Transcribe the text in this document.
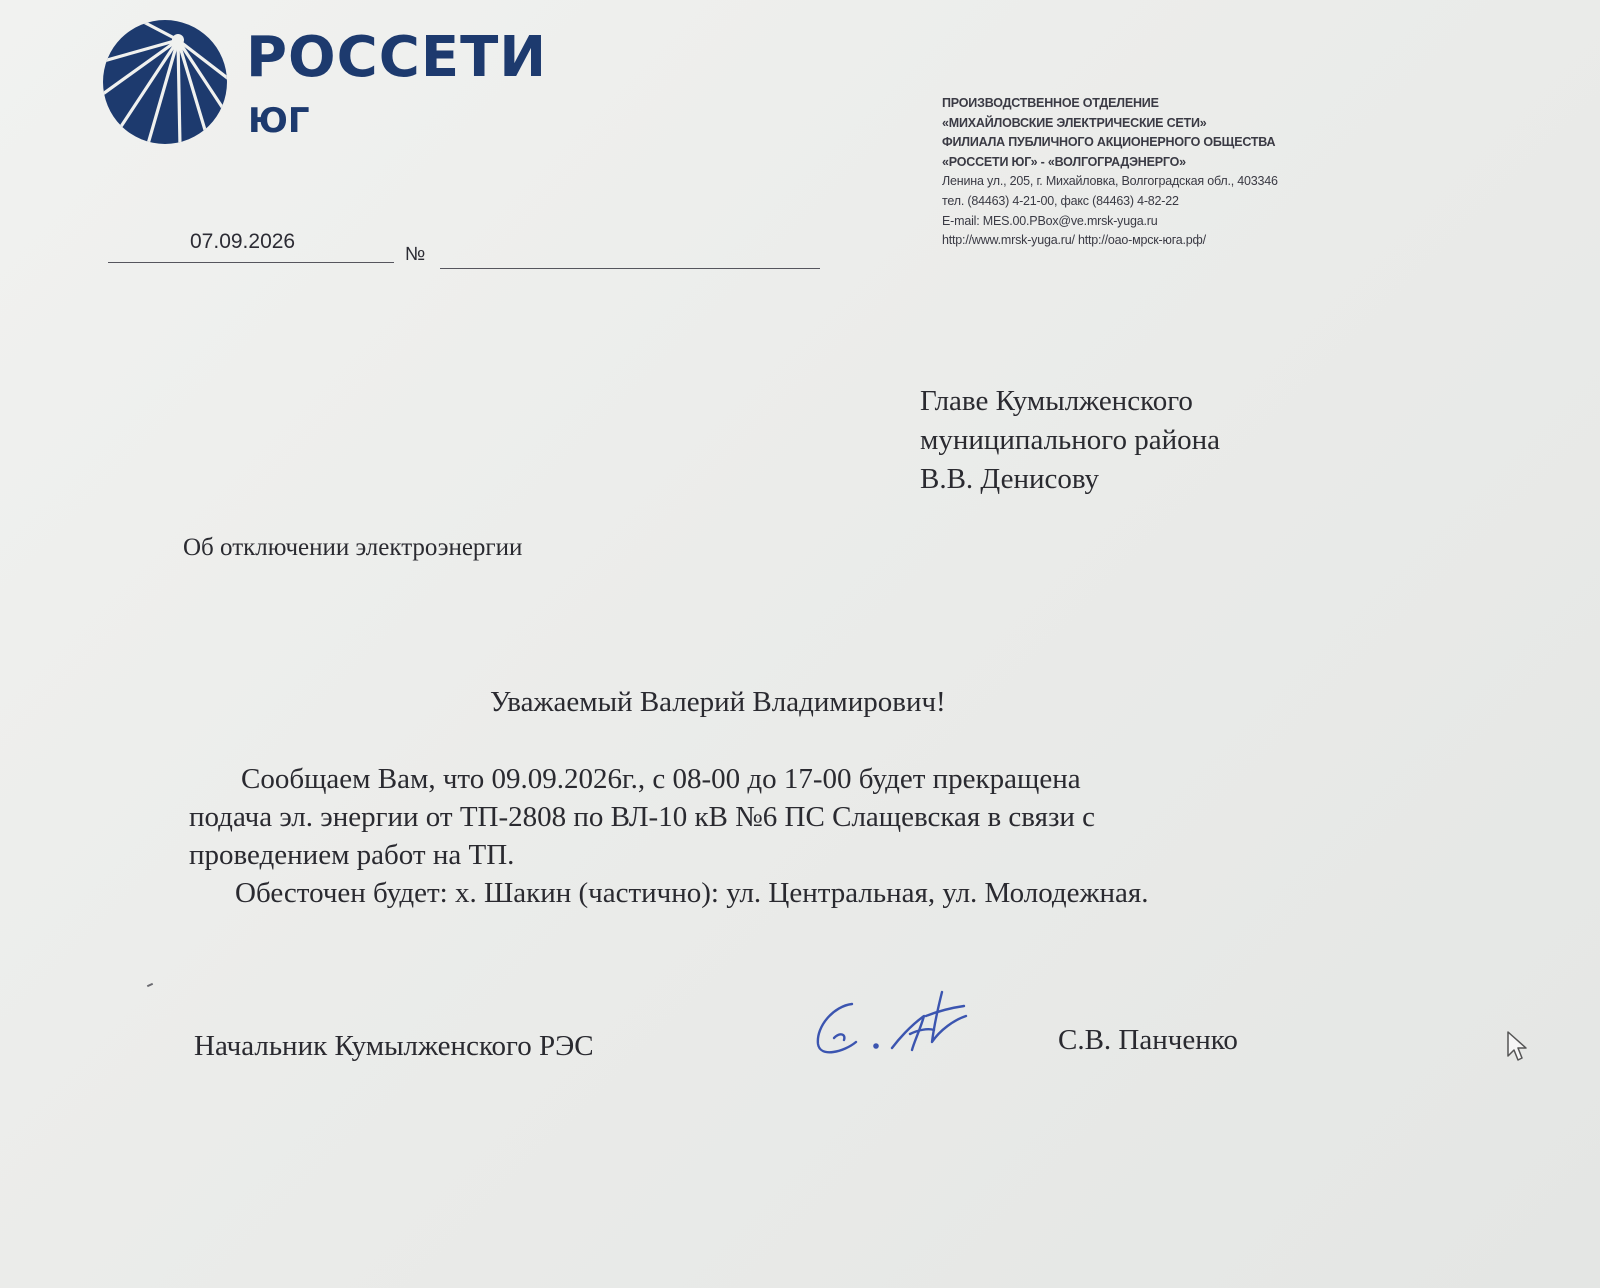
РОССЕТИ
ЮГ	ПРОИЗВОДСТВЕННОЕ ОТДЕЛЕНИЕ
«МИХАЙЛОВСКИЕ ЭЛЕКТРИЧЕСКИЕ СЕТИ»
ФИЛИАЛА ПУБЛИЧНОГО АКЦИОНЕРНОГО ОБЩЕСТВА
«РОССЕТИ ЮГ» - «ВОЛГОГРАДЭНЕРГО»
Ленина ул., 205, г. Михайловка, Волгоградская обл., 403346
тел. (84463) 4-21-00, факс (84463) 4-82-22
E-mail: MES.00.PBox@ve.mrsk-yuga.ru
http://www.mrsk-yuga.ru/ http://оао-мрск-юга.рф/
07.09.2026
№
Главе Кумылженского
муниципального района
В.В. Денисову
Об отключении электроэнергии
Уважаемый Валерий Владимирович!
Сообщаем Вам, что 09.09.2026г., с 08-00 до 17-00 будет прекращена
подача эл. энергии от ТП-2808 по ВЛ-10 кВ №6 ПС Слащевская в связи с
проведением работ на ТП.
Обесточен будет: х. Шакин (частично): ул. Центральная, ул. Молодежная.
Начальник Кумылженского РЭС	С.В. Панченко
